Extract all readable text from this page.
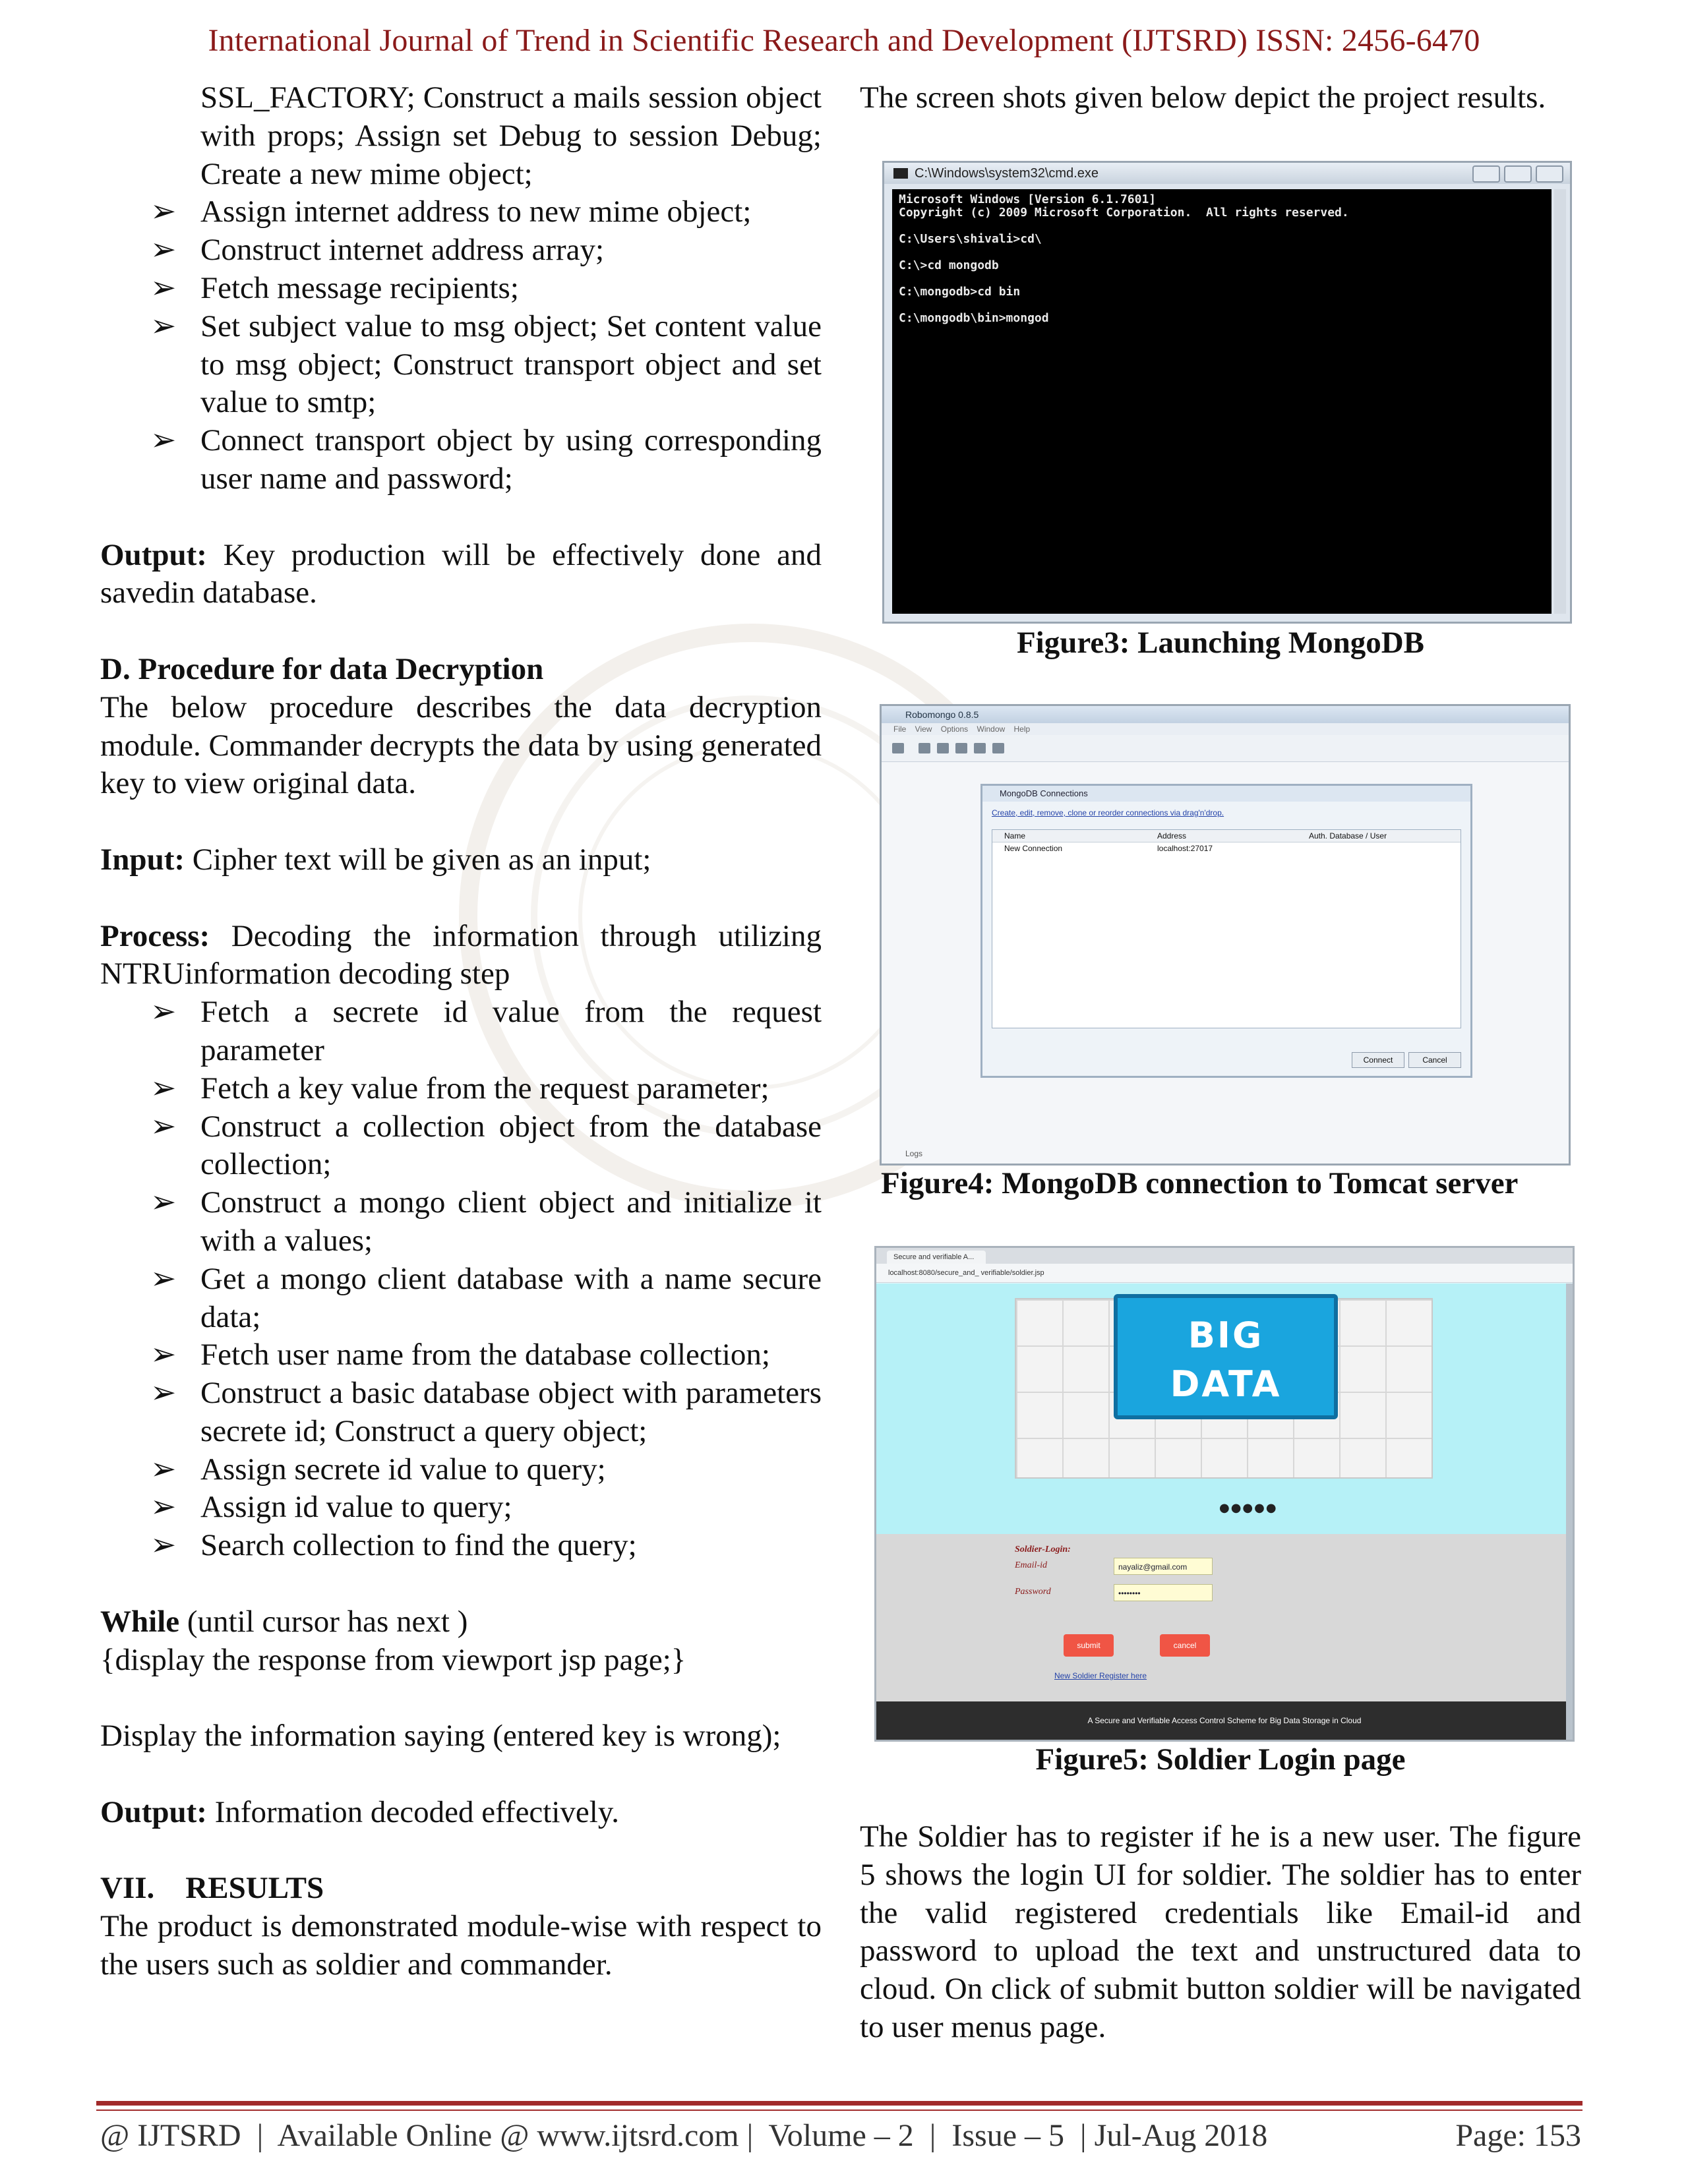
International Journal of Trend in Scientific Research and Development (IJTSRD) ISSN: 2456-6470
SSL_FACTORY; Construct a mails session object with props; Assign set Debug to session Debug; Create a new mime object;
➢ Assign internet address to new mime object;
➢ Construct internet address array;
➢ Fetch message recipients;
➢ Set subject value to msg object; Set content value to msg object; Construct transport object and set value to smtp;
➢ Connect transport object by using corresponding user name and password;
Output: Key production will be effectively done and savedin database.
D. Procedure for data Decryption
The below procedure describes the data decryption module. Commander decrypts the data by using generated key to view original data.
Input: Cipher text will be given as an input;
Process: Decoding the information through utilizing NTRUinformation decoding step
➢ Fetch a secrete id value from the request parameter
➢ Fetch a key value from the request parameter;
➢ Construct a collection object from the database collection;
➢ Construct a mongo client object and initialize it with a values;
➢ Get a mongo client database with a name secure data;
➢ Fetch user name from the database collection;
➢ Construct a basic database object with parameters secrete id; Construct a query object;
➢ Assign secrete id value to query;
➢ Assign id value to query;
➢ Search collection to find the query;
While (until cursor has next )
{display the response from viewport jsp page;}
Display the information saying (entered key is wrong);
Output: Information decoded effectively.
VII.    RESULTS
The product is demonstrated module-wise with respect to the users such as soldier and commander.
The screen shots given below depict the project results.
C:\Windows\system32\cmd.exe
Microsoft Windows [Version 6.1.7601]
Copyright (c) 2009 Microsoft Corporation.  All rights reserved.

C:\Users\shivali>cd\

C:\>cd mongodb

C:\mongodb>cd bin

C:\mongodb\bin>mongod
Figure3: Launching MongoDB
Robomongo 0.8.5
File    View    Options    Window    Help
MongoDB Connections
Create, edit, remove, clone or reorder connections via drag'n'drop.
Name	Address	Auth. Database / User
New Connection	localhost:27017
Connect	Cancel
Logs
Figure4: MongoDB connection to Tomcat server
Secure and verifiable A...
localhost:8080/secure_and_ verifiable/soldier.jsp
BIG
DATA
●●●●●
Soldier-Login:
Email-id
Password
nayaliz@gmail.com
••••••••
submit	cancel
New Soldier Register here
A Secure and Verifiable Access Control Scheme for Big Data Storage in Cloud
Figure5: Soldier Login page
The Soldier has to register if he is a new user. The figure 5 shows the login UI for soldier. The soldier has to enter the valid registered credentials like Email-id and password to upload the text and unstructured data to cloud. On click of submit button soldier will be navigated to user menus page.
@ IJTSRD  |  Available Online @ www.ijtsrd.com |  Volume – 2  |  Issue – 5  | Jul-Aug 2018	Page: 153
